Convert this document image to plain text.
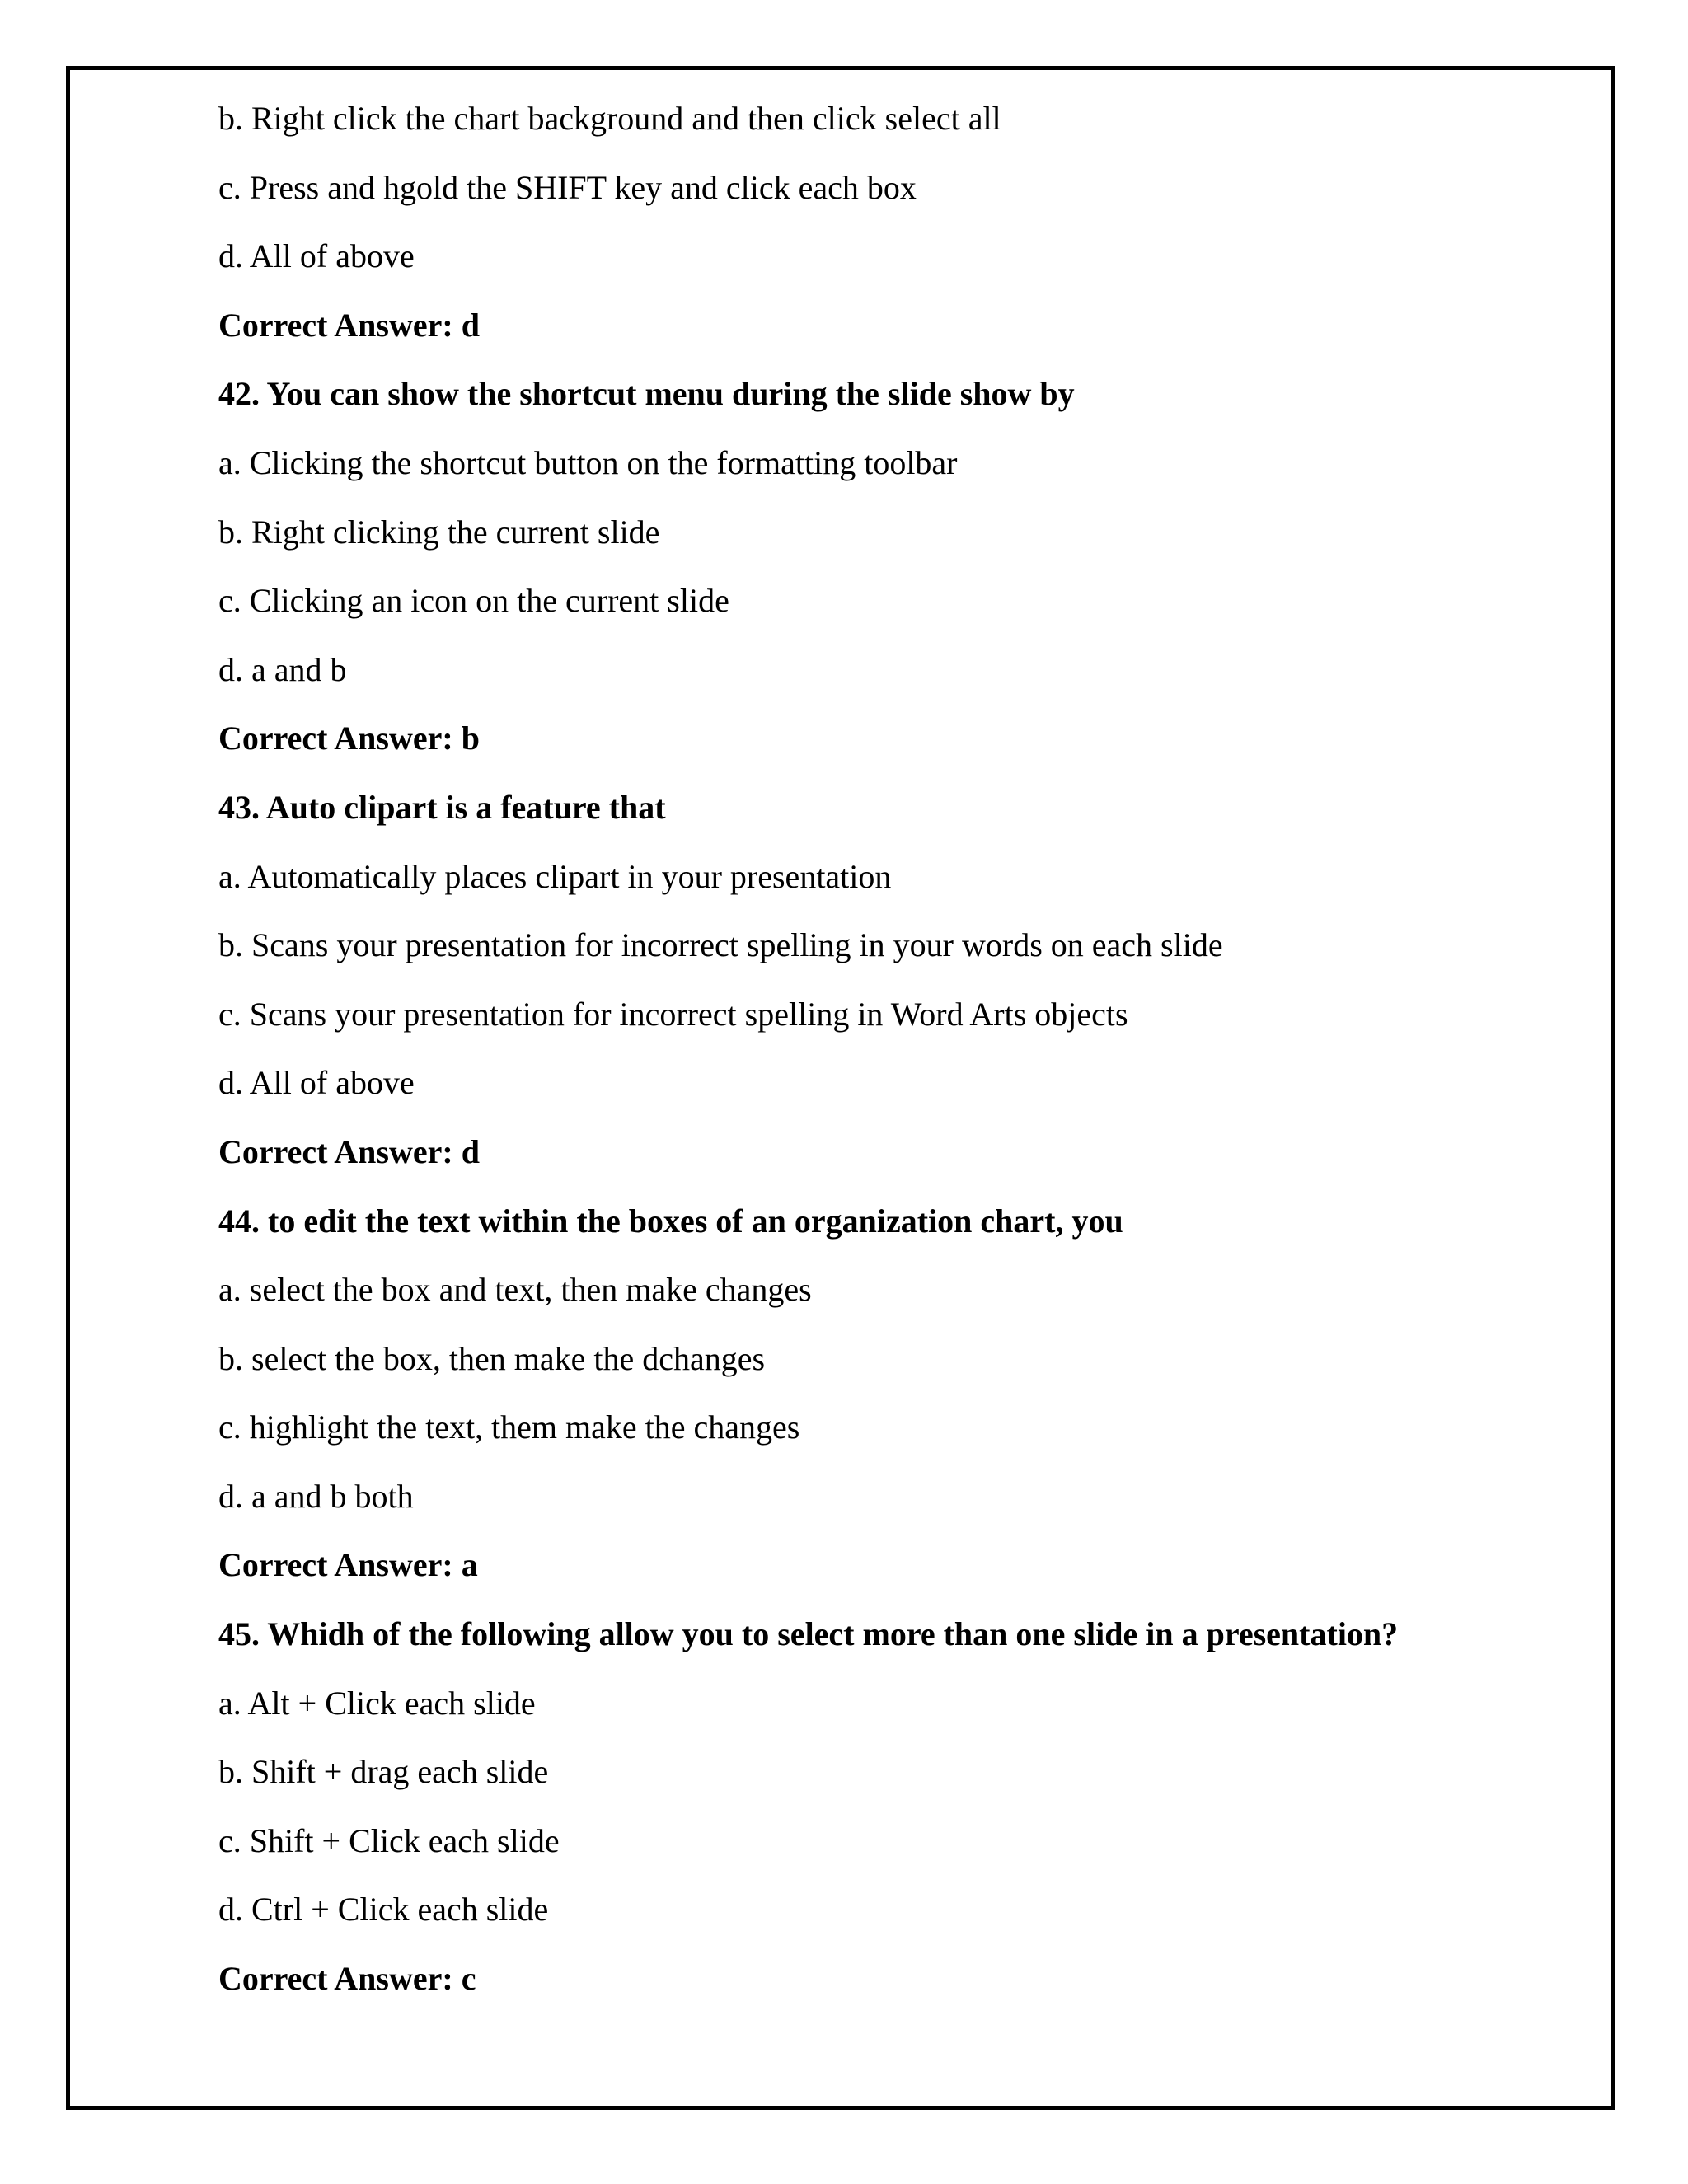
b. Right click the chart background and then click select all
c. Press and hgold the SHIFT key and click each box
d. All of above
Correct Answer: d
42. You can show the shortcut menu during the slide show by
a. Clicking the shortcut button on the formatting toolbar
b. Right clicking the current slide
c. Clicking an icon on the current slide
d. a and b
Correct Answer: b
43. Auto clipart is a feature that
a. Automatically places clipart in your presentation
b. Scans your presentation for incorrect spelling in your words on each slide
c. Scans your presentation for incorrect spelling in Word Arts objects
d. All of above
Correct Answer: d
44. to edit the text within the boxes of an organization chart, you
a. select the box and text, then make changes
b. select the box, then make the dchanges
c. highlight the text, them make the changes
d. a and b both
Correct Answer: a
45. Whidh of the following allow you to select more than one slide in a presentation?
a. Alt + Click each slide
b. Shift + drag each slide
c. Shift + Click each slide
d. Ctrl + Click each slide
Correct Answer: c
